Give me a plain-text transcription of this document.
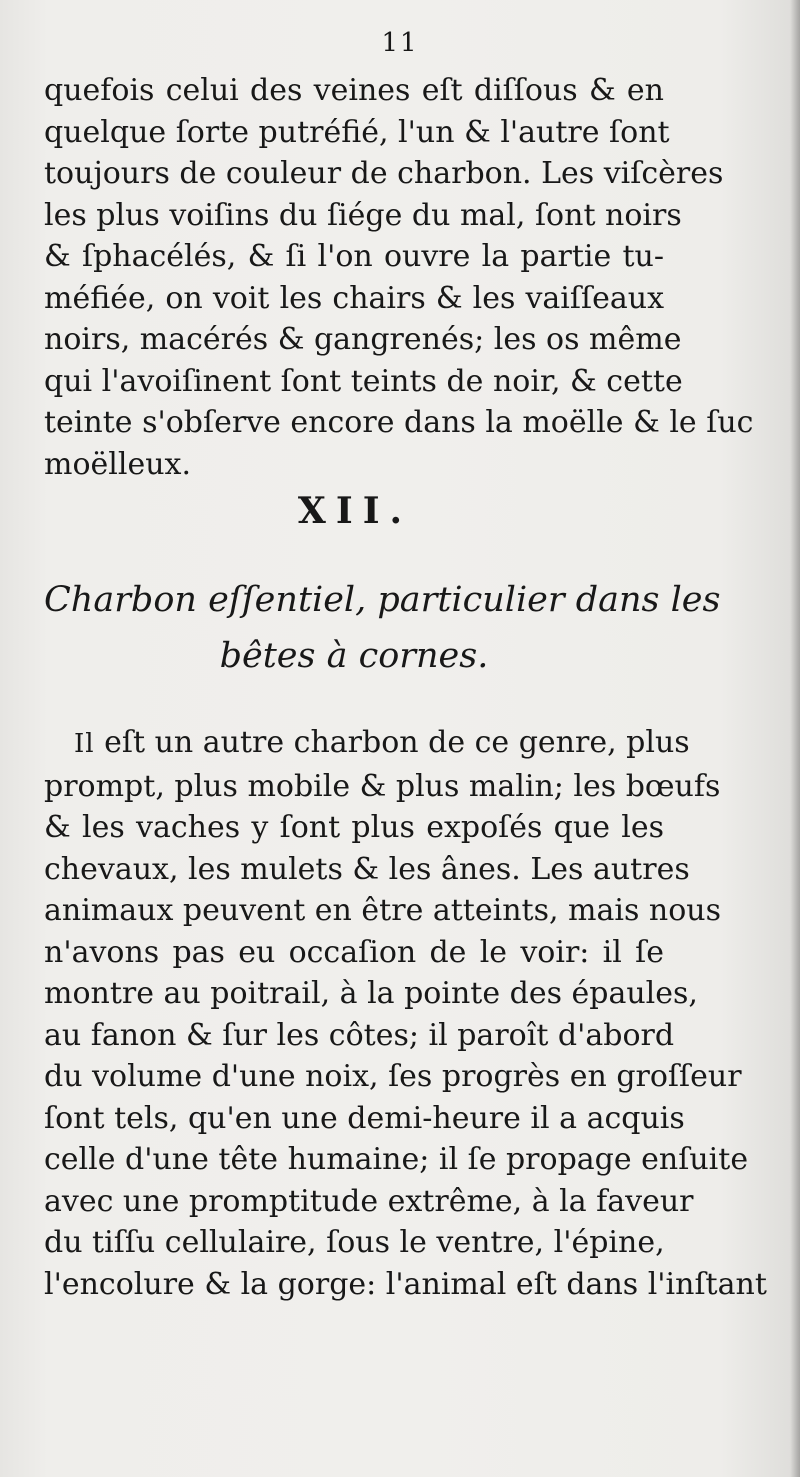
11
quefois celui des veines eſt diſſous & en
quelque ſorte putréfié, l'un & l'autre ſont
toujours de couleur de charbon. Les viſcères
les plus voiſins du ſiége du mal, ſont noirs
& ſphacélés, & ſi l'on ouvre la partie tu-
méfiée, on voit les chairs & les vaiſſeaux
noirs, macérés & gangrenés; les os même
qui l'avoiſinent ſont teints de noir, & cette
teinte s'obſerve encore dans la moëlle & le ſuc
moëlleux.
XII.
Charbon eſſentiel, particulier dans les
bêtes à cornes.
 Il eſt un autre charbon de ce genre, plus
prompt, plus mobile & plus malin; les bœufs
& les vaches y ſont plus expoſés que les
chevaux, les mulets & les ânes. Les autres
animaux peuvent en être atteints, mais nous
n'avons pas eu occaſion de le voir: il ſe
montre au poitrail, à la pointe des épaules,
au fanon & ſur les côtes; il paroît d'abord
du volume d'une noix, ſes progrès en groſſeur
ſont tels, qu'en une demi-heure il a acquis
celle d'une tête humaine; il ſe propage enſuite
avec une promptitude extrême, à la faveur
du tiſſu cellulaire, ſous le ventre, l'épine,
l'encolure & la gorge: l'animal eſt dans l'inſtant
